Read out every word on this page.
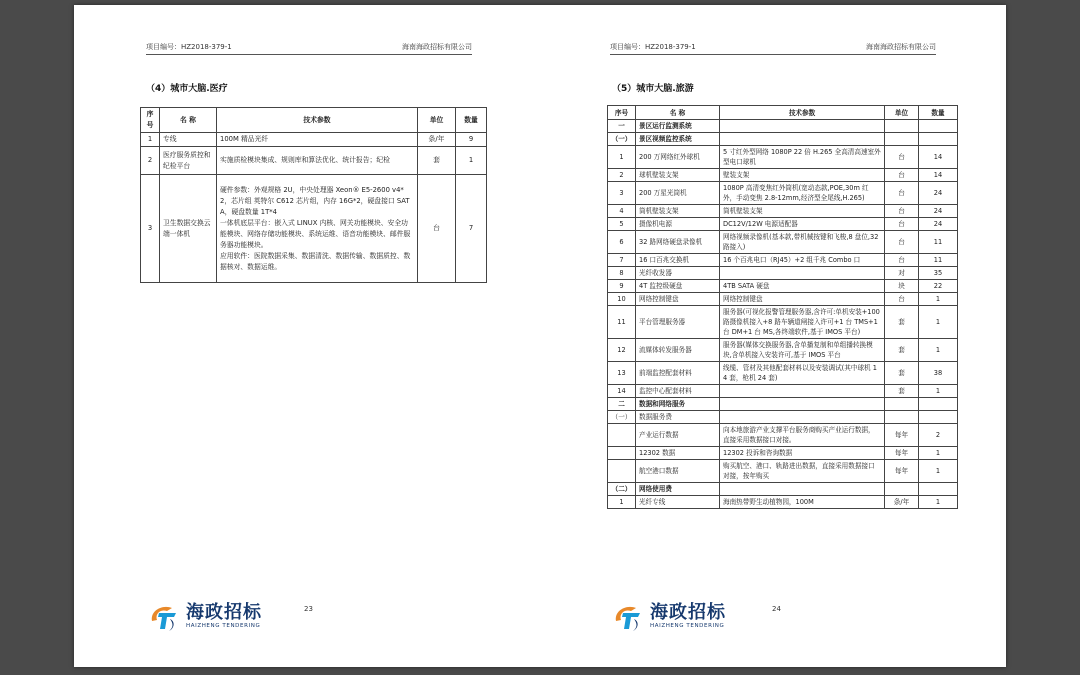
项目编号：HZ2018-379-1	海南海政招标有限公司
（4）城市大脑.医疗
序号	名 称	技术参数	单位	数量
1	专线	100M 精品光纤	条/年	9
2	医疗服务质控和纪检平台	实施质检模块集成、规则库和算法优化、统计报告；纪检	套	1
3	卫生数据交换云端一体机	硬件参数：外观规格 2U，中央处理器 Xeon® E5-2600 v4*2，芯片组 英特尔 C612 芯片组，内存 16G*2，硬盘接口 SATA，硬盘数量 1T*4
一体机底层平台：嵌入式 LINUX 内核、网关功能模块、安全功能模块、网络存储功能模块、系统运维、语音功能模块、邮件服务器功能模块。
应用软件：医院数据采集、数据清洗、数据传输、数据质控、数据核对、数据运维。	台	7
23
海政招标
HAIZHENG TENDERING
项目编号：HZ2018-379-1	海南海政招标有限公司
（5）城市大脑.旅游
序号	名 称	技术参数	单位	数量
一	景区运行监测系统			
（一）	景区视频监控系统			
1	200 万网络红外球机	5 寸红外型网络 1080P 22 倍 H.265 全高清高速室外型电口球机	台	14
2	球机壁装支架	壁装支架	台	14
3	200 万星光筒机	1080P 高清变焦红外筒机(宽动态款,POE,30m 红外，手动变焦 2.8-12mm,经济型全尾线,H.265)	台	24
4	筒机壁装支架	筒机壁装支架	台	24
5	摄像机电源	DC12V/12W 电源适配器	台	24
6	32 路网络硬盘录像机	网络视频录像机(基本款,带机械按键和飞梭,8 盘位,32 路接入)	台	11
7	16 口百兆交换机	16 个百兆电口（RJ45）+2 组千兆 Combo 口	台	11
8	光纤收发器		对	35
9	4T 监控级硬盘	4TB SATA 硬盘	块	22
10	网络控制键盘	网络控制键盘	台	1
11	平台管理服务器	服务器(可视化报警管理服务器,含许可:单机安装+100 路摄像机接入+8 路车辆道闸接入许可+1 台 TMS+1 台 DM+1 台 MS,各终端软件,基于 IMOS 平台)	套	1
12	流媒体转发服务器	服务器(媒体交换服务器,含单播复制和单组播转换模块,含单机接入安装许可,基于 IMOS 平台	套	1
13	前端监控配套材料	线缆、管材及其他配套材料以及安装调试(其中球机 14 套，枪机 24 套)	套	38
14	监控中心配套材料		套	1
二	数据和网络服务			
（一）	数据服务费			
	产业运行数据	向本地旅游产业支撑平台服务商购买产业运行数据，直接采用数据接口对接。	每年	2
	12302 数据	12302 投诉和咨询数据	每年	1
	航空港口数据	购买航空、港口、轨路进出数据，直接采用数据接口对接，按年购买	每年	1
（二）	网络使用费			
1	光纤专线	海南热带野生动植物园，100M	条/年	1
24
海政招标
HAIZHENG TENDERING
